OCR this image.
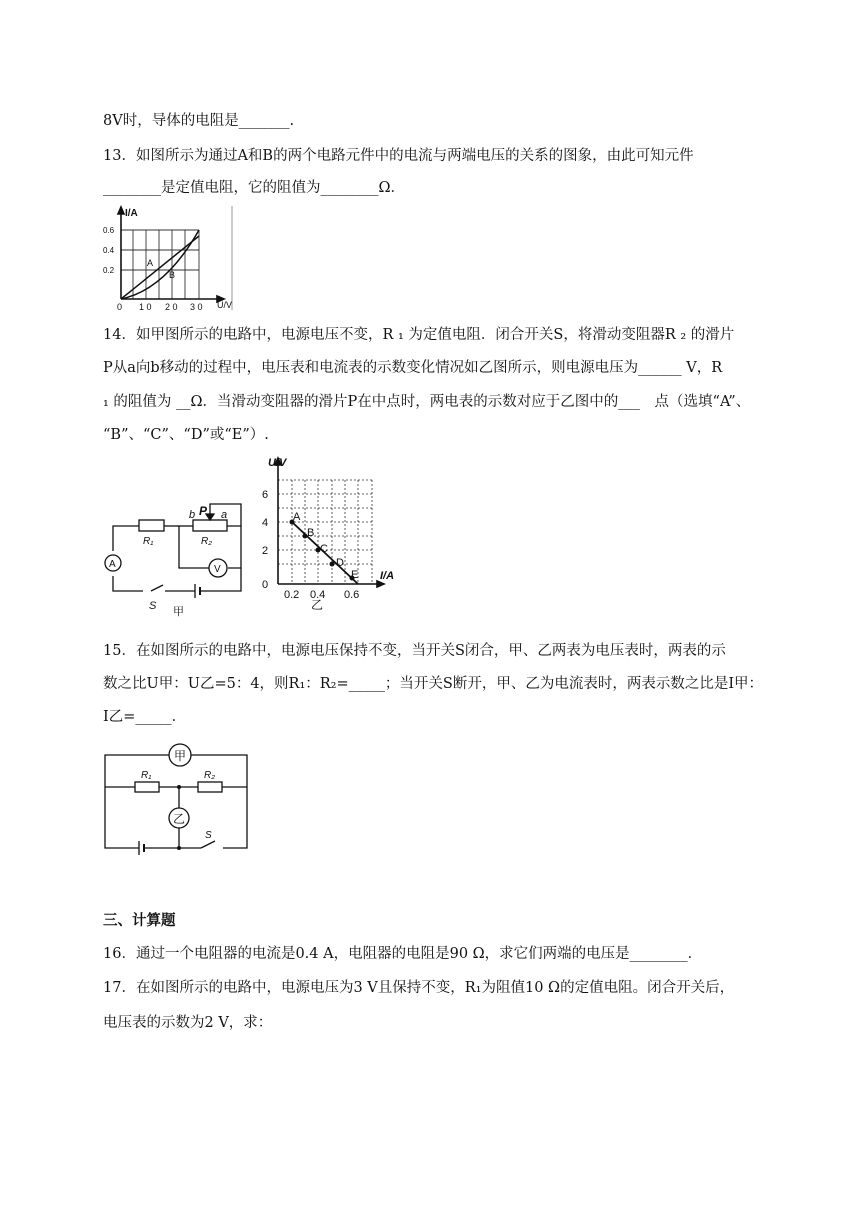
8V时，导体的电阻是_______.
13．如图所示为通过A和B的两个电路元件中的电流与两端电压的关系的图象，由此可知元件
________是定值电阻，它的阻值为________Ω．
I/A
0.6
0.4
0.2
0 1 0 2 0 3 0 U/V
A
B
14．如甲图所示的电路中，电源电压不变，R ₁ 为定值电阻．闭合开关S，将滑动变阻器R ₂ 的滑片
P从a向b移动的过程中，电压表和电流表的示数变化情况如乙图所示，则电源电压为______ V，R
₁ 的阻值为 __Ω．当滑动变阻器的滑片P在中点时，两电表的示数对应于乙图中的___　点（选填“A”、
“B”、“C”、“D”或“E”）.
A	V
R₁	R₂
b P a
S 甲
U/V
I/A
6
4
2
0
0.2 0.4 0.6
A
B
C
D
E
乙
15．在如图所示的电路中，电源电压保持不变，当开关S闭合，甲、乙两表为电压表时，两表的示
数之比U甲：U乙=5：4，则R₁：R₂=_____；当开关S断开，甲、乙为电流表时，两表示数之比是I甲：
I乙=_____．
甲
乙
R₁	R₂
S
三、计算题
16．通过一个电阻器的电流是0.4 A，电阻器的电阻是90 Ω，求它们两端的电压是________．
17．在如图所示的电路中，电源电压为3 V且保持不变，R₁为阻值10 Ω的定值电阻。闭合开关后，
电压表的示数为2 V，求：
